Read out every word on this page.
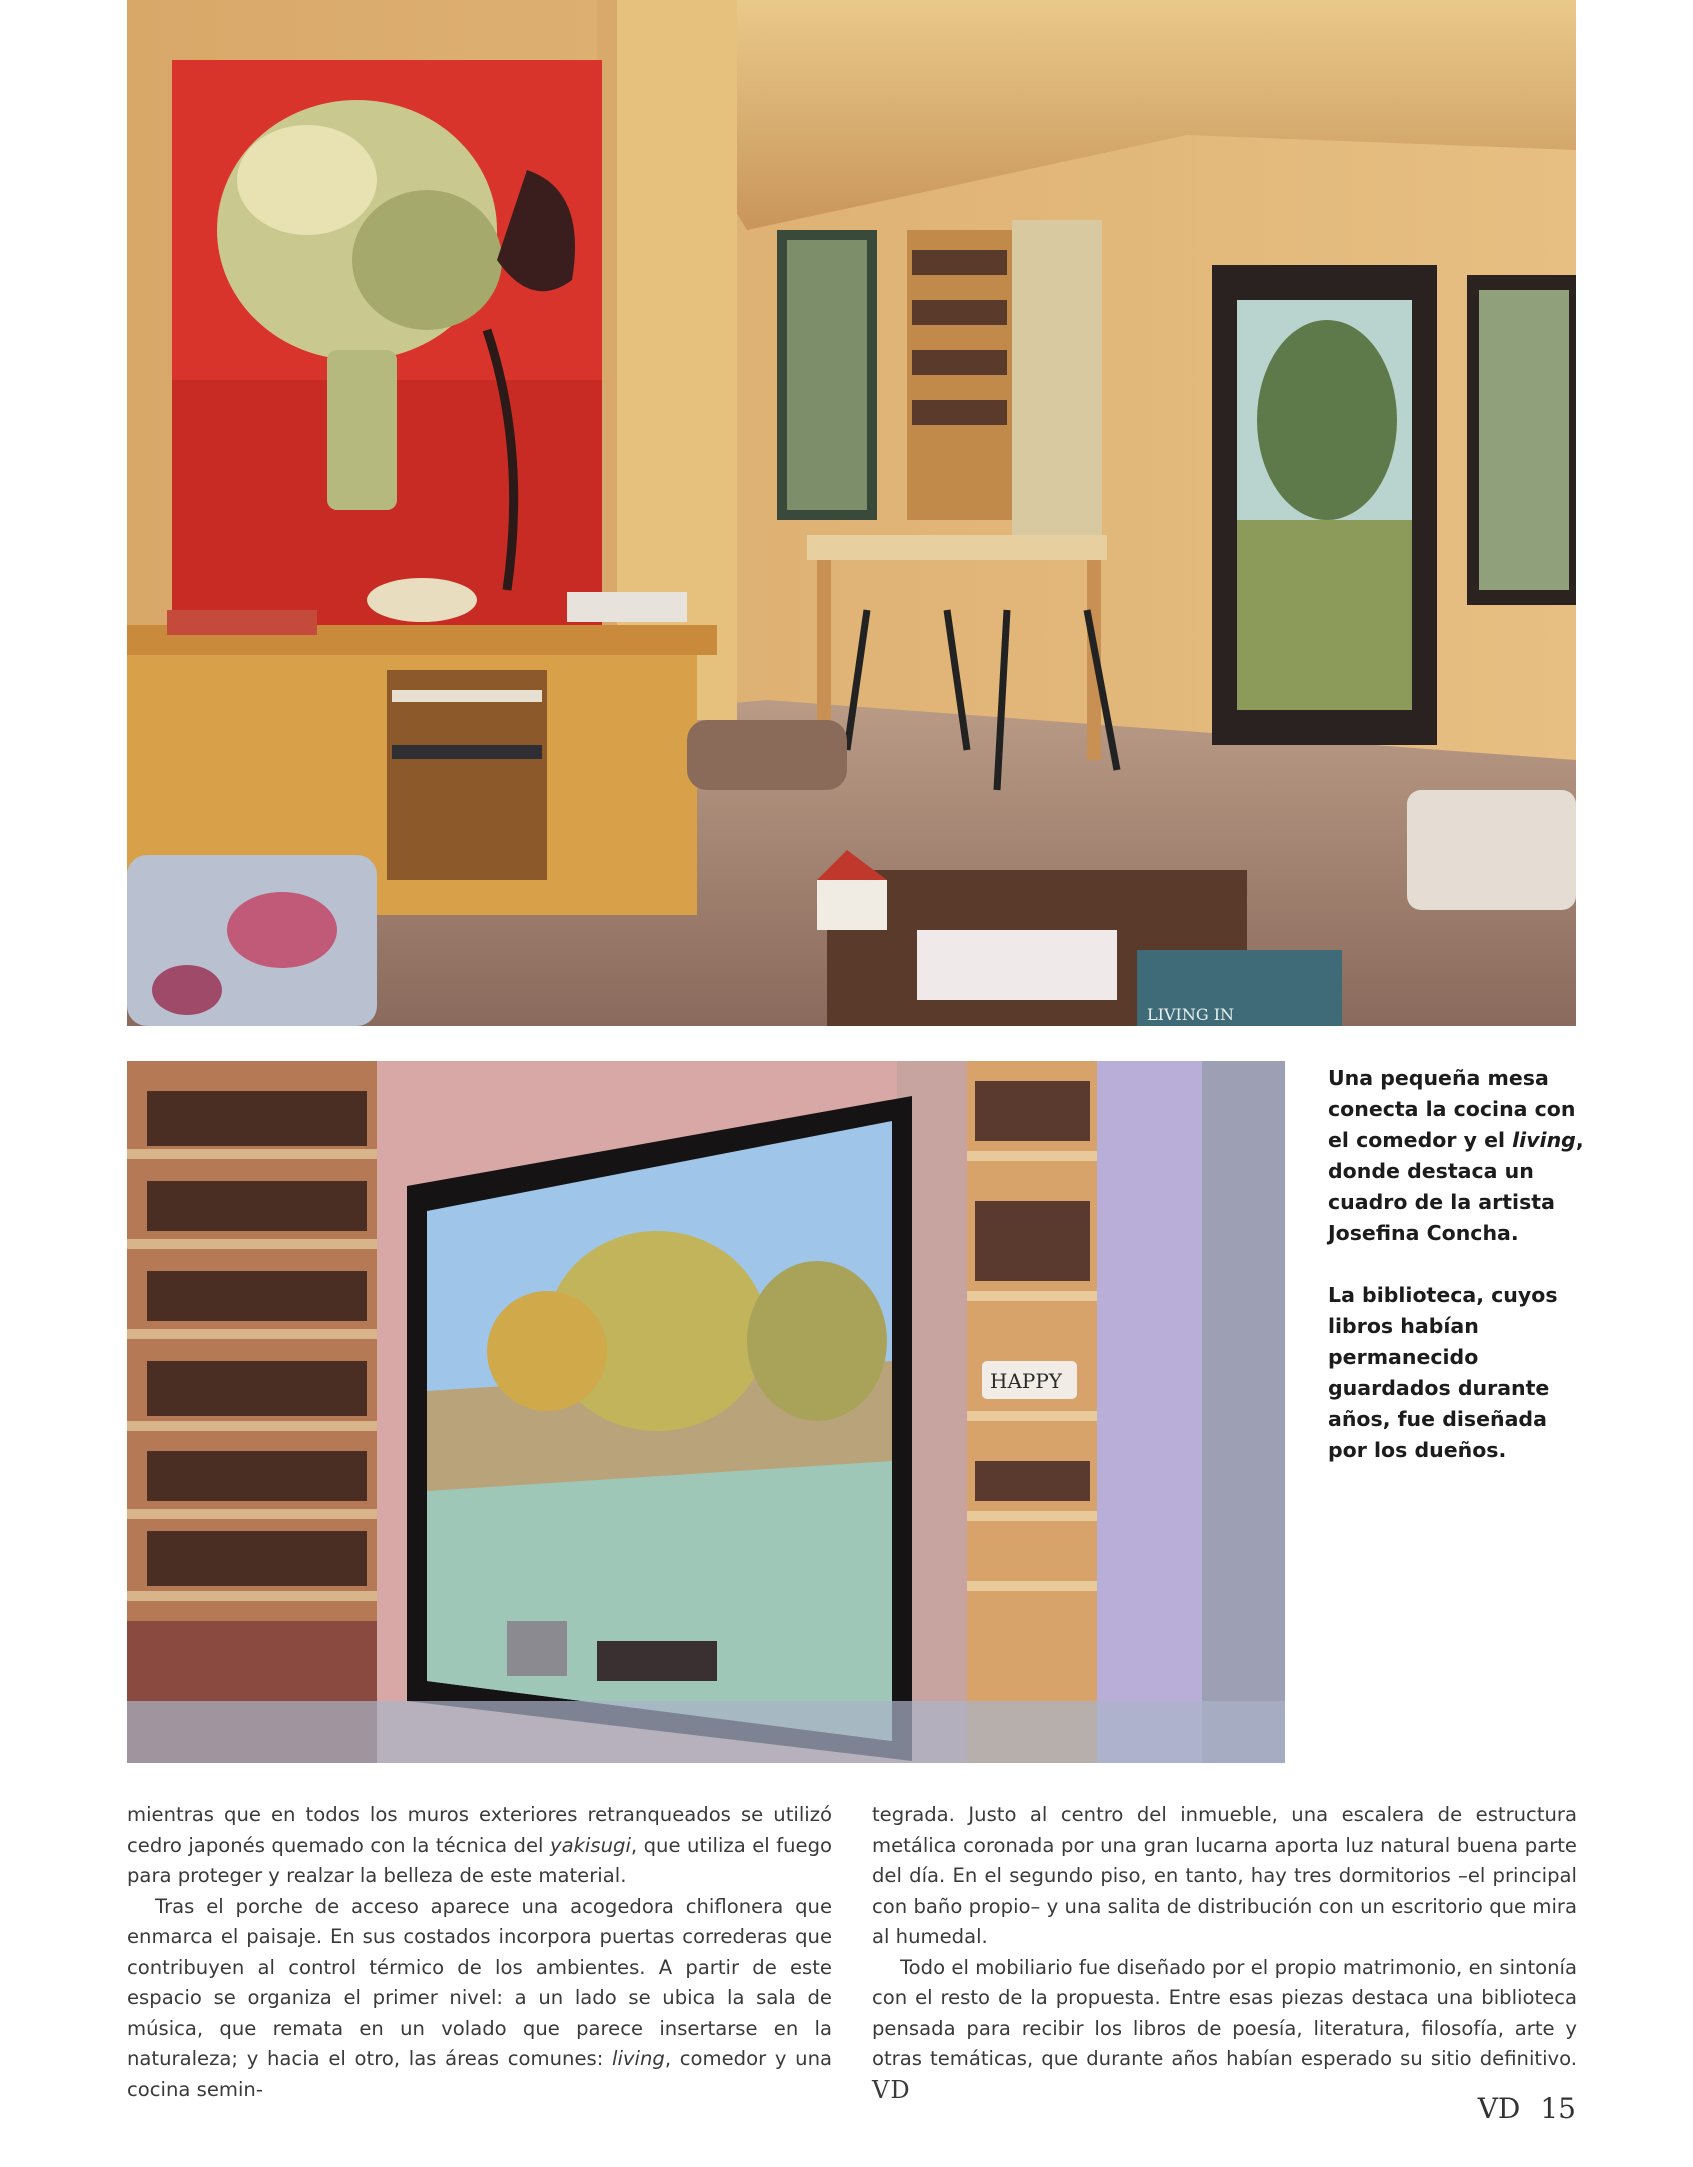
LIVING IN
HAPPY
Una pequeña mesa conecta la cocina con el comedor y el living, donde destaca un cuadro de la artista Josefina Concha.
La biblioteca, cuyos libros habían permanecido guardados durante años, fue diseñada por los dueños.

mientras que en todos los muros exteriores retranqueados se utilizó cedro japonés quemado con la técnica del yakisugi, que utiliza el fuego para proteger y realzar la belleza de este material.

Tras el porche de acceso aparece una acogedora chiflonera que enmarca el paisaje. En sus costados incorpora puertas correderas que contribuyen al control térmico de los ambientes. A partir de este espacio se organiza el primer nivel: a un lado se ubica la sala de música, que remata en un volado que parece insertarse en la naturaleza; y hacia el otro, las áreas comunes: living, comedor y una cocina semin-

tegrada. Justo al centro del inmueble, una escalera de estructura metálica coronada por una gran lucarna aporta luz natural buena parte del día. En el segundo piso, en tanto, hay tres dormitorios –el principal con baño propio– y una salita de distribución con un escritorio que mira al humedal.

Todo el mobiliario fue diseñado por el propio matrimonio, en sintonía con el resto de la propuesta. Entre esas piezas destaca una biblioteca pensada para recibir los libros de poesía, literatura, filosofía, arte y otras temáticas, que durante años habían esperado su sitio definitivo. VD

VD 15
